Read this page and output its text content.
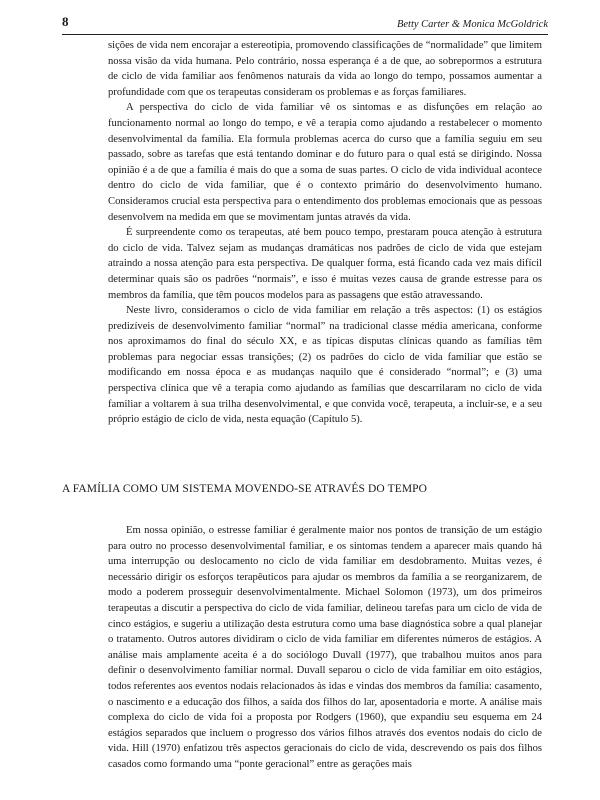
8	Betty Carter & Monica McGoldrick

sições de vida nem encorajar a estereotipia, promovendo classificações de “normalidade” que limitem nossa visão da vida humana. Pelo contrário, nossa esperança é a de que, ao sobrepormos a estrutura de ciclo de vida familiar aos fenômenos naturais da vida ao longo do tempo, possamos aumentar a profundidade com que os terapeutas consideram os problemas e as forças familiares.

A perspectiva do ciclo de vida familiar vê os sintomas e as disfunções em relação ao funcionamento normal ao longo do tempo, e vê a terapia como ajudando a restabelecer o momento desenvolvimental da família. Ela formula problemas acerca do curso que a família seguiu em seu passado, sobre as tarefas que está tentando dominar e do futuro para o qual está se dirigindo. Nossa opinião é a de que a família é mais do que a soma de suas partes. O ciclo de vida individual acontece dentro do ciclo de vida familiar, que é o contexto primário do desenvolvimento humano. Consideramos crucial esta perspectiva para o entendimento dos problemas emocionais que as pessoas desenvolvem na medida em que se movimentam juntas através da vida.

É surpreendente como os terapeutas, até bem pouco tempo, prestaram pouca atenção à estrutura do ciclo de vida. Talvez sejam as mudanças dramáticas nos padrões de ciclo de vida que estejam atraindo a nossa atenção para esta perspectiva. De qualquer forma, está ficando cada vez mais difícil determinar quais são os padrões “normais”, e isso é muitas vezes causa de grande estresse para os membros da família, que têm poucos modelos para as passagens que estão atravessando.

Neste livro, consideramos o ciclo de vida familiar em relação a três aspectos: (1) os estágios predizíveis de desenvolvimento familiar “normal” na tradicional classe média americana, conforme nos aproximamos do final do século XX, e as típicas disputas clínicas quando as famílias têm problemas para negociar essas transições; (2) os padrões do ciclo de vida familiar que estão se modificando em nossa época e as mudanças naquilo que é considerado “normal”; e (3) uma perspectiva clínica que vê a terapia como ajudando as famílias que descarrilaram no ciclo de vida familiar a voltarem à sua trilha desenvolvimental, e que convida você, terapeuta, a incluir-se, e a seu próprio estágio de ciclo de vida, nesta equação (Capítulo 5).

A FAMÍLIA COMO UM SISTEMA MOVENDO-SE ATRAVÉS DO TEMPO

Em nossa opinião, o estresse familiar é geralmente maior nos pontos de transição de um estágio para outro no processo desenvolvimental familiar, e os sintomas tendem a aparecer mais quando há uma interrupção ou deslocamento no ciclo de vida familiar em desdobramento. Muitas vezes, é necessário dirigir os esforços terapêuticos para ajudar os membros da família a se reorganizarem, de modo a poderem prosseguir desenvolvimentalmente. Michael Solomon (1973), um dos primeiros terapeutas a discutir a perspectiva do ciclo de vida familiar, delineou tarefas para um ciclo de vida de cinco estágios, e sugeriu a utilização desta estrutura como uma base diagnóstica sobre a qual planejar o tratamento. Outros autores dividiram o ciclo de vida familiar em diferentes números de estágios. A análise mais amplamente aceita é a do sociólogo Duvall (1977), que trabalhou muitos anos para definir o desenvolvimento familiar normal. Duvall separou o ciclo de vida familiar em oito estágios, todos referentes aos eventos nodais relacionados às idas e vindas dos membros da família: casamento, o nascimento e a educação dos filhos, a saída dos filhos do lar, aposentadoria e morte. A análise mais complexa do ciclo de vida foi a proposta por Rodgers (1960), que expandiu seu esquema em 24 estágios separados que incluem o progresso dos vários filhos através dos eventos nodais do ciclo de vida. Hill (1970) enfatizou três aspectos geracionais do ciclo de vida, descrevendo os pais dos filhos casados como formando uma “ponte geracional” entre as gerações mais
